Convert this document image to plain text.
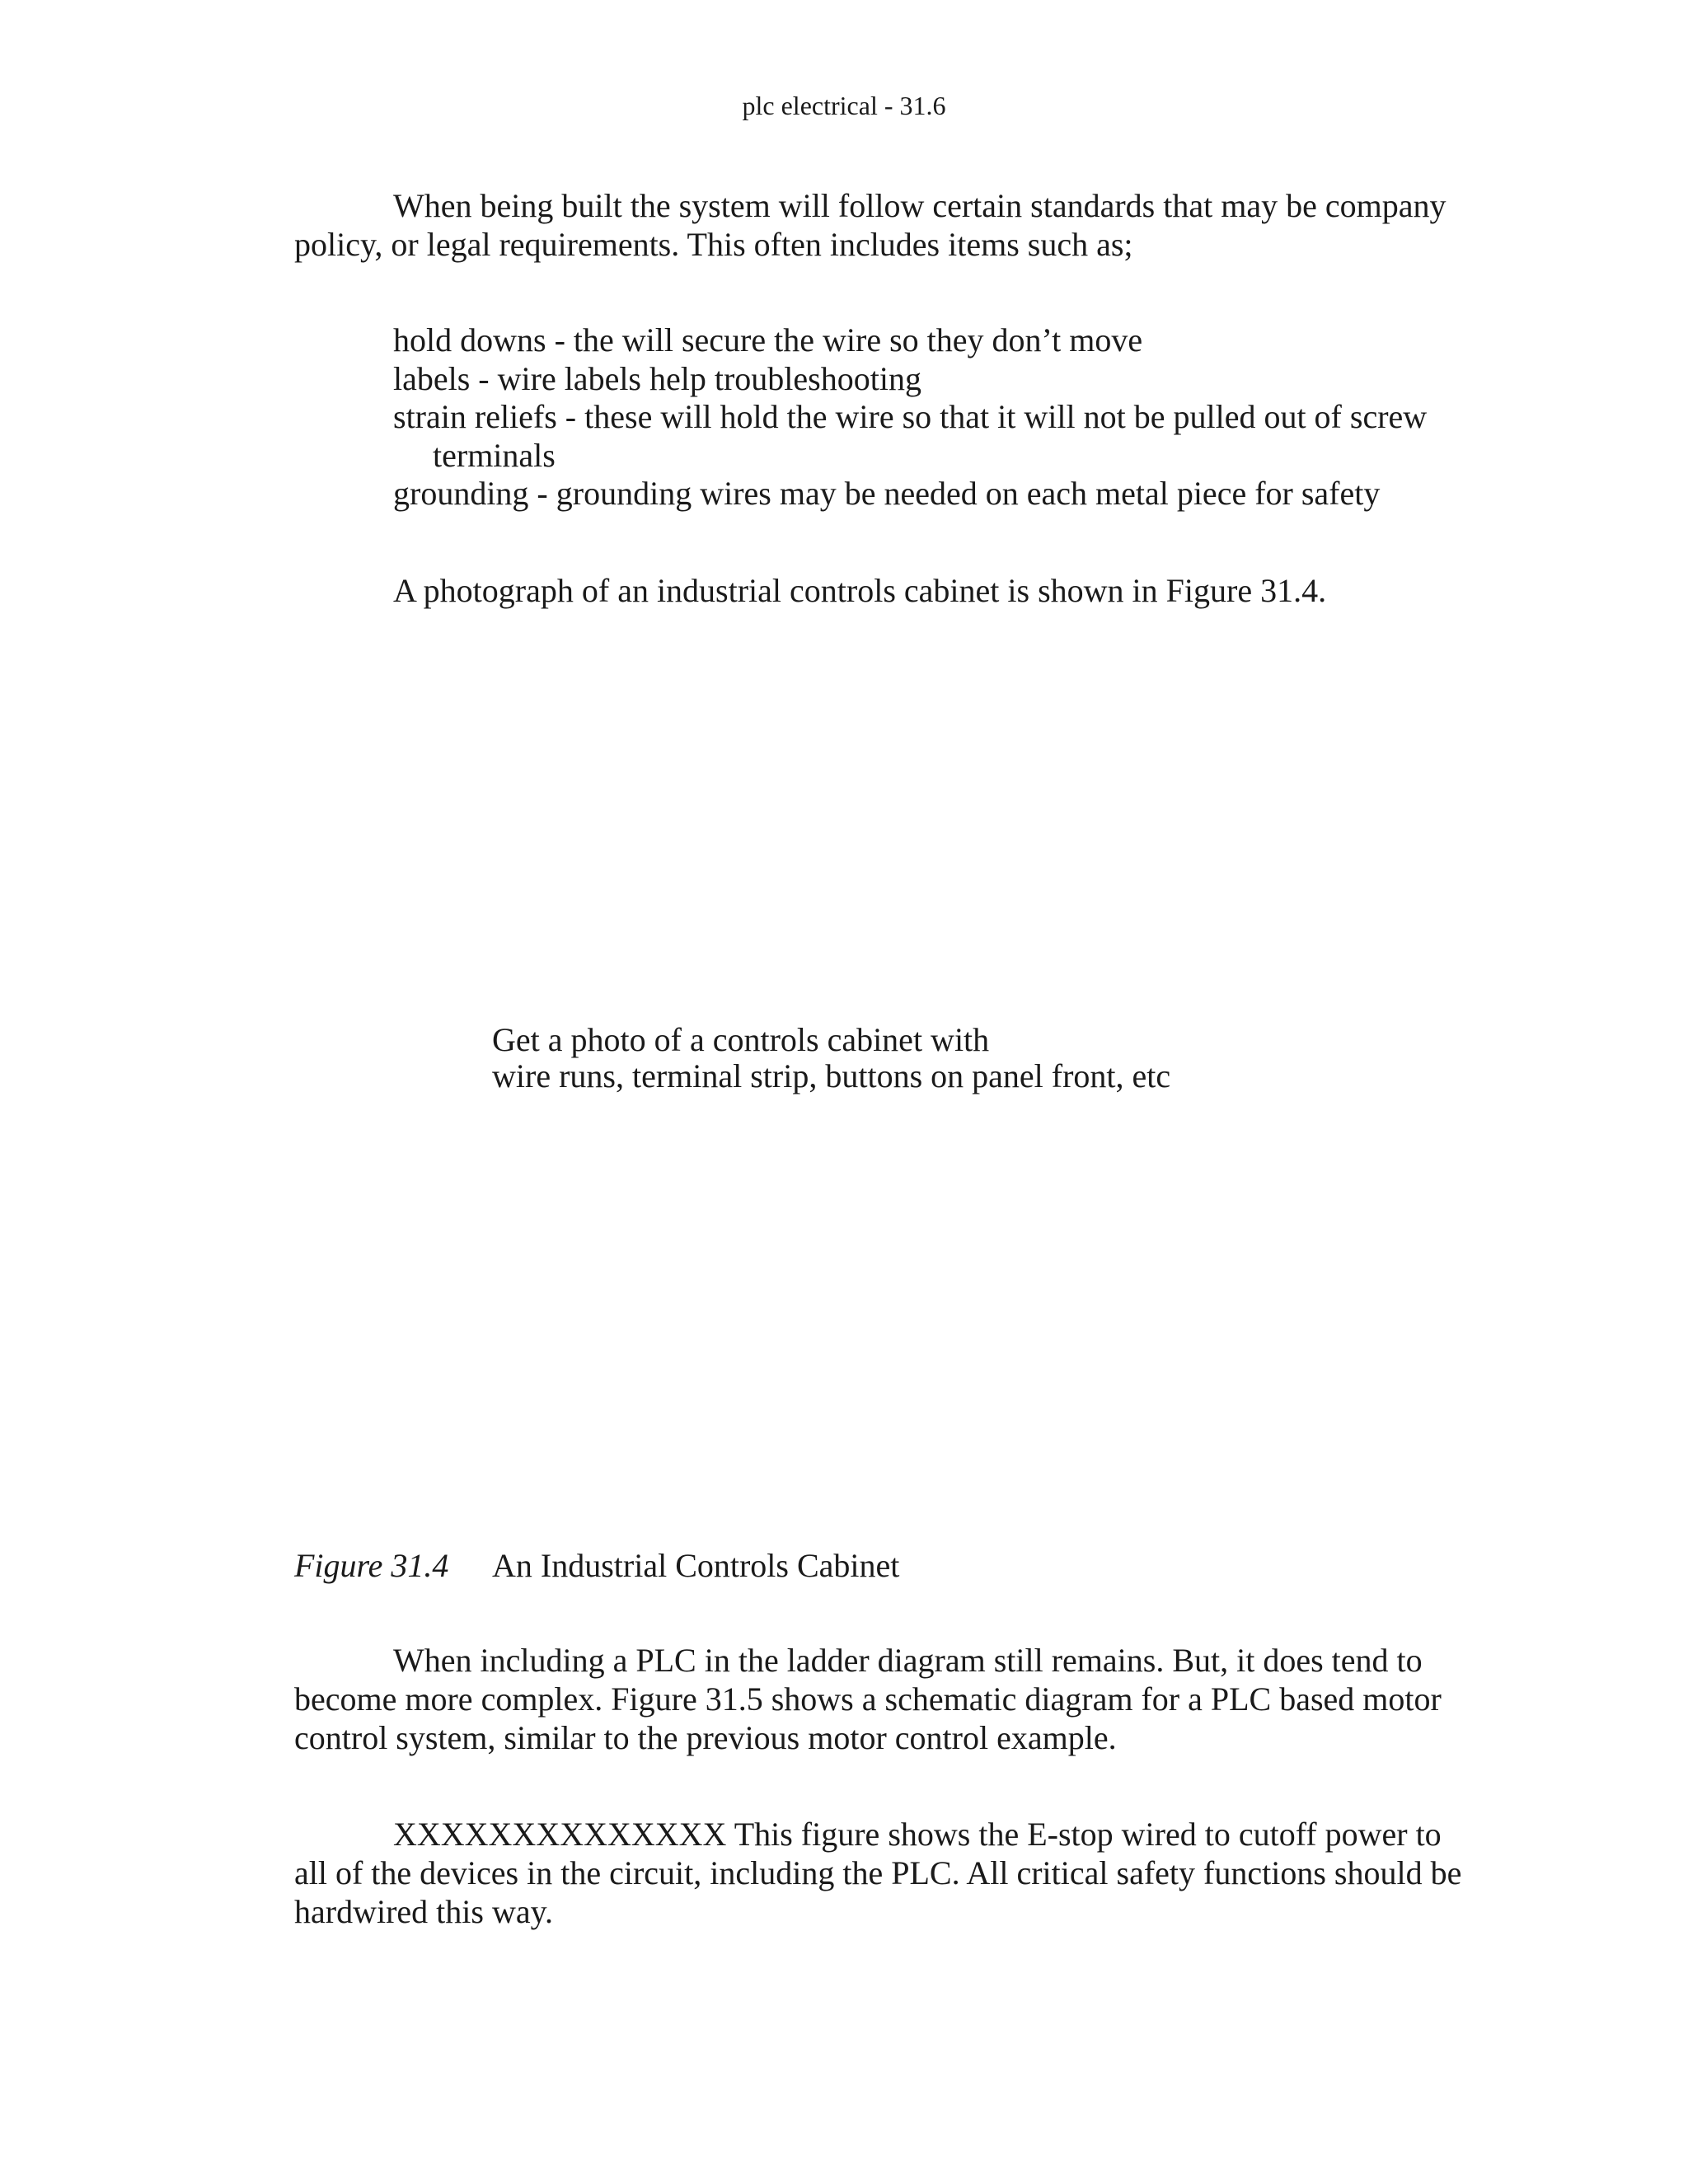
plc electrical - 31.6

When being built the system will follow certain standards that may be company policy, or legal requirements. This often includes items such as;

hold downs - the will secure the wire so they don’t move
labels - wire labels help troubleshooting
strain reliefs - these will hold the wire so that it will not be pulled out of screw terminals
grounding - grounding wires may be needed on each metal piece for safety

A photograph of an industrial controls cabinet is shown in Figure 31.4.

Get a photo of a controls cabinet with
wire runs, terminal strip, buttons on panel front, etc
Figure 31.4 An Industrial Controls Cabinet

When including a PLC in the ladder diagram still remains. But, it does tend to become more complex. Figure 31.5 shows a schematic diagram for a PLC based motor control system, similar to the previous motor control example.

XXXXXXXXXXXXXX This figure shows the E-stop wired to cutoff power to all of the devices in the circuit, including the PLC. All critical safety functions should be hardwired this way.
